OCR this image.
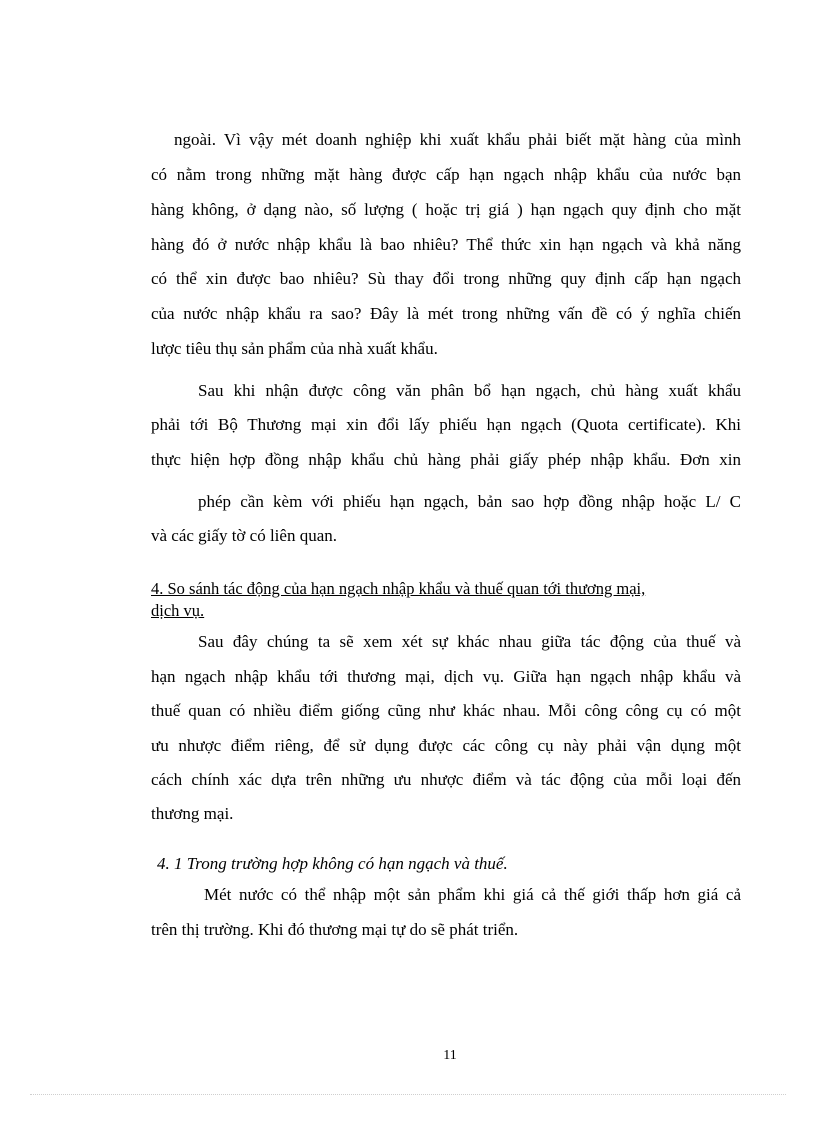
ngoài. Vì vậy mét doanh nghiệp khi xuất khẩu phải biết mặt hàng của mình
có nằm trong những mặt hàng được cấp hạn ngạch nhập khẩu của nước bạn
hàng không, ở dạng nào, số lượng ( hoặc trị giá ) hạn ngạch quy định cho mặt
hàng đó ở nước nhập khẩu là bao nhiêu? Thể thức xin hạn ngạch và khả năng
có thể xin được bao nhiêu? Sù thay đổi trong những quy định cấp hạn ngạch
của nước nhập khẩu ra sao? Đây là mét trong những vấn đề có ý nghĩa chiến
lược tiêu thụ sản phẩm của nhà xuất khẩu.
Sau khi nhận được công văn phân bổ hạn ngạch, chủ hàng xuất khẩu
phải tới Bộ Thương mại xin đổi lấy phiếu hạn ngạch (Quota certificate). Khi
thực hiện hợp đồng nhập khẩu chủ hàng phải giấy phép nhập khẩu. Đơn xin
phép cần kèm với phiếu hạn ngạch, bản sao hợp đồng nhập hoặc L/ C
và các giấy tờ có liên quan.
4. So sánh tác động của hạn ngạch nhập khẩu và thuế quan tới thương mại,
dịch vụ.
Sau đây chúng ta sẽ xem xét sự khác nhau giữa tác động của thuế và
hạn ngạch nhập khẩu tới thương mại, dịch vụ. Giữa hạn ngạch nhập khẩu và
thuế quan có nhiều điểm giống cũng như khác nhau. Mỗi công công cụ có một
ưu nhược điểm riêng, để sử dụng được các công cụ này phải vận dụng một
cách chính xác dựa trên những ưu nhược điểm và tác động của mỗi loại đến
thương mại.
4. 1 Trong trường hợp không có hạn ngạch và thuế.
Mét nước có thể nhập một sản phẩm khi giá cả thế giới thấp hơn giá cả
trên thị trường. Khi đó thương mại tự do sẽ phát triển.
11
